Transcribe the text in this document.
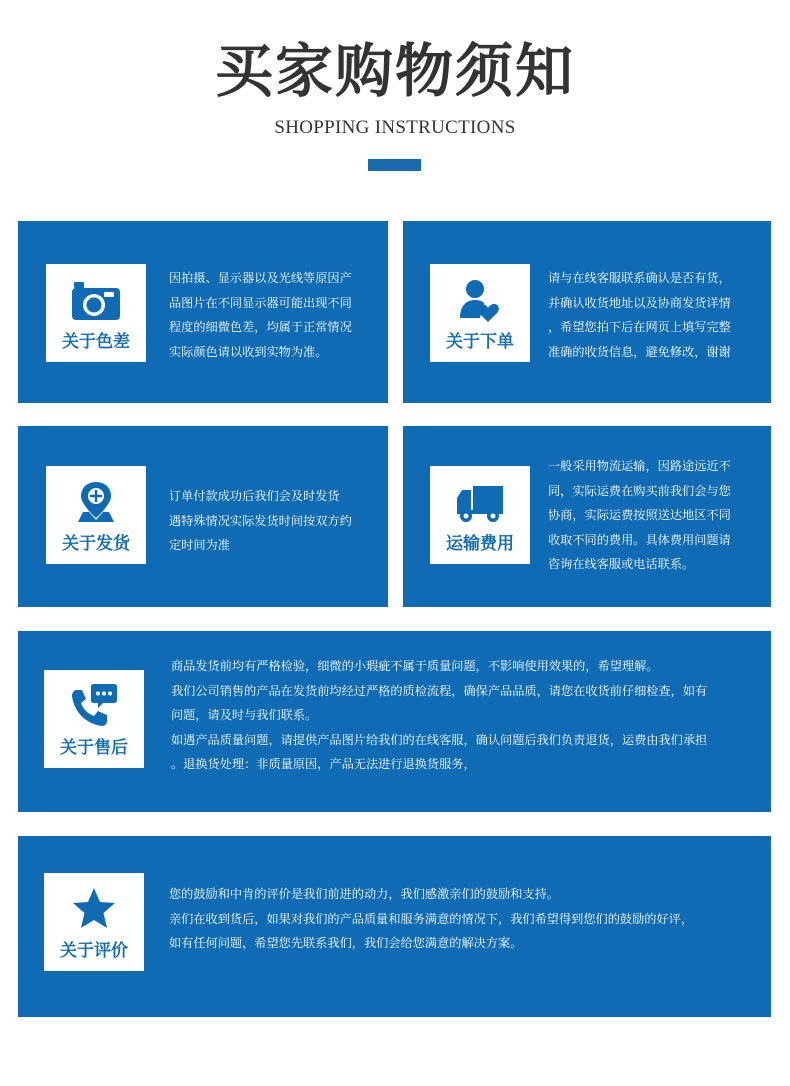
买家购物须知
SHOPPING INSTRUCTIONS
关于色差

因拍摄、显示器以及光线等原因产

品图片在不同显示器可能出现不同

程度的细微色差，均属于正常情况

实际颜色请以收到实物为准。	关于下单

请与在线客服联系确认是否有货，

并确认收货地址以及协商发货详情

，希望您拍下后在网页上填写完整

准确的收货信息，避免修改，谢谢

关于发货

订单付款成功后我们会及时发货

遇特殊情况实际发货时间按双方约

定时间为准	运输费用

一般采用物流运输，因路途远近不

同，实际运费在购买前我们会与您

协商，实际运费按照送达地区不同

收取不同的费用。具体费用问题请

咨询在线客服或电话联系。

关于售后

商品发货前均有严格检验，细微的小瑕疵不属于质量问题，不影响使用效果的，希望理解。

我们公司销售的产品在发货前均经过严格的质检流程，确保产品品质，请您在收货前仔细检查，如有

问题，请及时与我们联系。

如遇产品质量问题，请提供产品图片给我们的在线客服，确认问题后我们负责退货，运费由我们承担

。退换货处理：非质量原因，产品无法进行退换货服务，

关于评价

您的鼓励和中肯的评价是我们前进的动力，我们感激亲们的鼓励和支持。

亲们在收到货后，如果对我们的产品质量和服务满意的情况下，我们希望得到您们的鼓励的好评，

如有任何问题，希望您先联系我们，我们会给您满意的解决方案。
